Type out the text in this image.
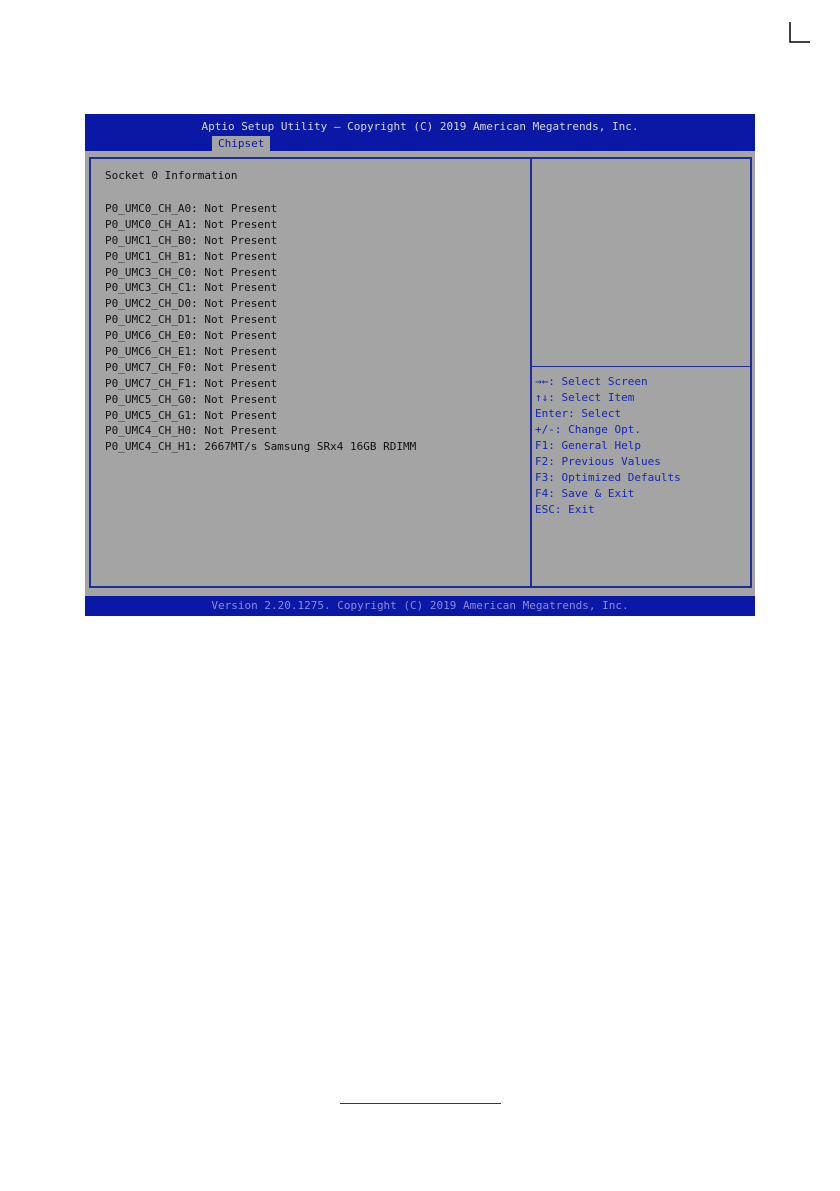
Aptio Setup Utility – Copyright (C) 2019 American Megatrends, Inc.
Chipset
Socket 0 Information
P0_UMC0_CH_A0: Not Present
P0_UMC0_CH_A1: Not Present
P0_UMC1_CH_B0: Not Present
P0_UMC1_CH_B1: Not Present
P0_UMC3_CH_C0: Not Present
P0_UMC3_CH_C1: Not Present
P0_UMC2_CH_D0: Not Present
P0_UMC2_CH_D1: Not Present
P0_UMC6_CH_E0: Not Present
P0_UMC6_CH_E1: Not Present
P0_UMC7_CH_F0: Not Present
P0_UMC7_CH_F1: Not Present
P0_UMC5_CH_G0: Not Present
P0_UMC5_CH_G1: Not Present
P0_UMC4_CH_H0: Not Present
P0_UMC4_CH_H1: 2667MT/s Samsung SRx4 16GB RDIMM
→←: Select Screen
↑↓: Select Item
Enter: Select
+/-: Change Opt.
F1: General Help
F2: Previous Values
F3: Optimized Defaults
F4: Save & Exit
ESC: Exit
Version 2.20.1275. Copyright (C) 2019 American Megatrends, Inc.
